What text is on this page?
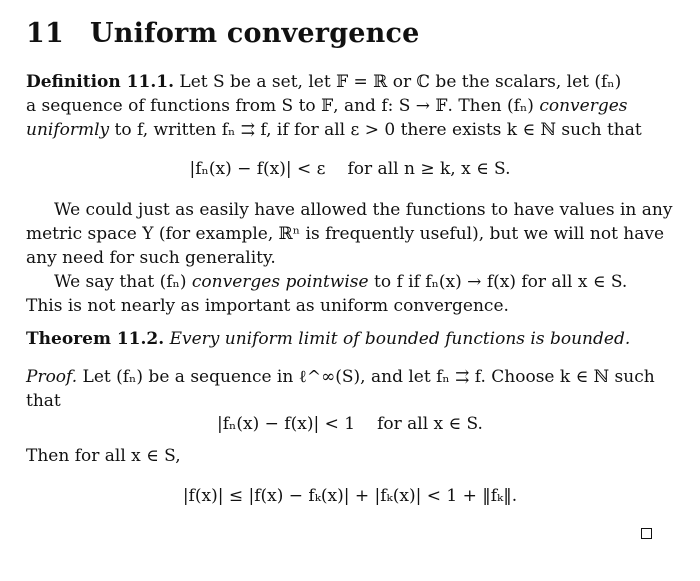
11 Uniform convergence
Definition 11.1. Let S be a set, let 𝔽 = ℝ or ℂ be the scalars, let (fₙ)
a sequence of functions from S to 𝔽, and f: S → 𝔽. Then (fₙ) converges
uniformly to f, written fₙ ⇉ f, if for all ε > 0 there exists k ∈ ℕ such that
|fₙ(x) − f(x)| < ε for all n ≥ k, x ∈ S.
We could just as easily have allowed the functions to have values in any
metric space Y (for example, ℝⁿ is frequently useful), but we will not have
any need for such generality.
We say that (fₙ) converges pointwise to f if fₙ(x) → f(x) for all x ∈ S.
This is not nearly as important as uniform convergence.
Theorem 11.2. Every uniform limit of bounded functions is bounded.
Proof. Let (fₙ) be a sequence in ℓ^∞(S), and let fₙ ⇉ f. Choose k ∈ ℕ such
that
|fₙ(x) − f(x)| < 1 for all x ∈ S.
Then for all x ∈ S,
|f(x)| ≤ |f(x) − fₖ(x)| + |fₖ(x)| < 1 + ‖fₖ‖.
